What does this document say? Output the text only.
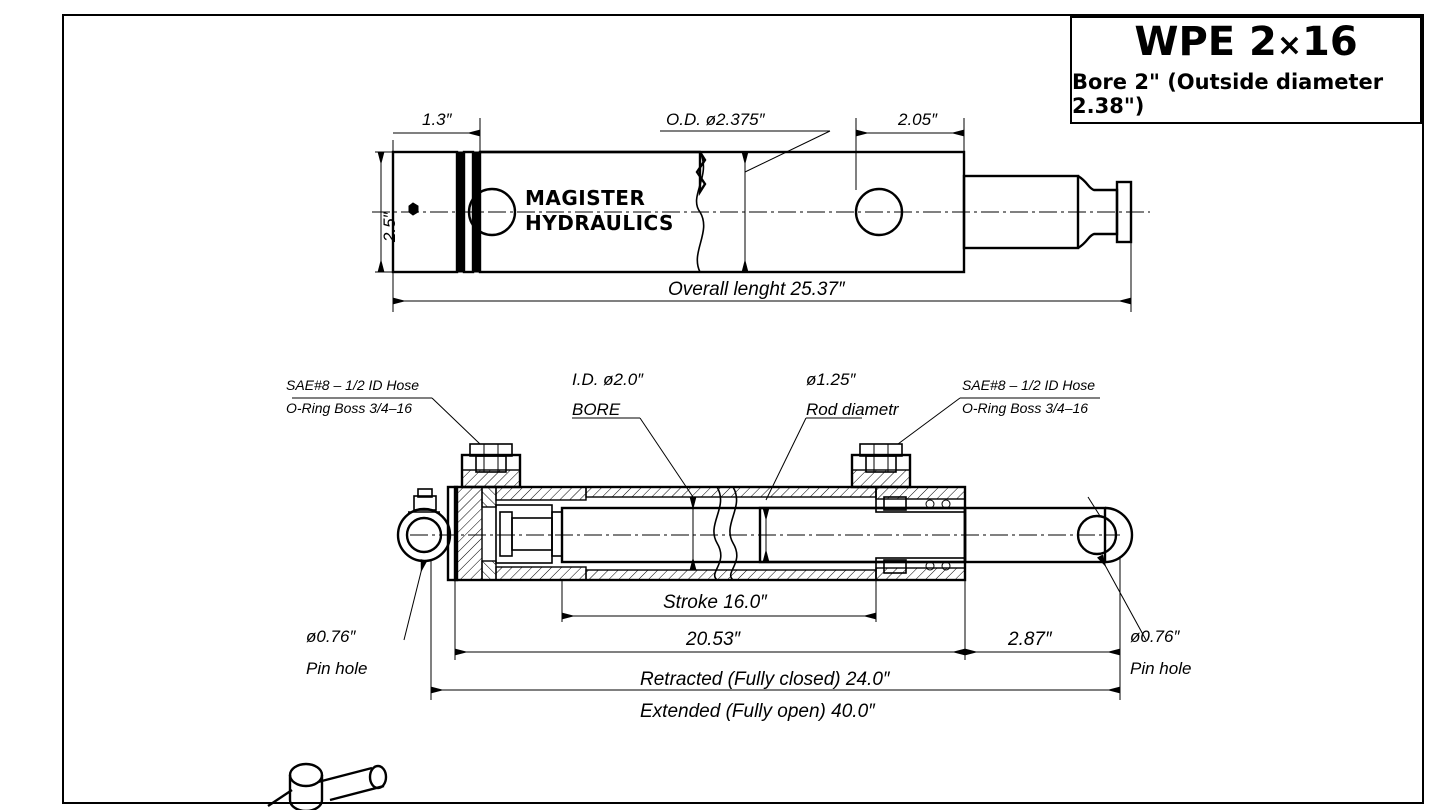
WPE 2×16
Bore 2" (Outside diameter 2.38")
MAGISTER
HYDRAULICS
1.3″	O.D. ø2.375″	2.05″
2.5″
Overall lenght 25.37″
SAE#8 – 1/2 ID Hose
O-Ring Boss 3/4–16
SAE#8 – 1/2 ID Hose
O-Ring Boss 3/4–16
I.D. ø2.0″
BORE
ø1.25″
Rod diametr
ø0.76″
Pin hole
ø0.76″
Pin hole
Stroke 16.0″
20.53″	2.87″
Retracted (Fully closed) 24.0″
Extended (Fully open) 40.0″
